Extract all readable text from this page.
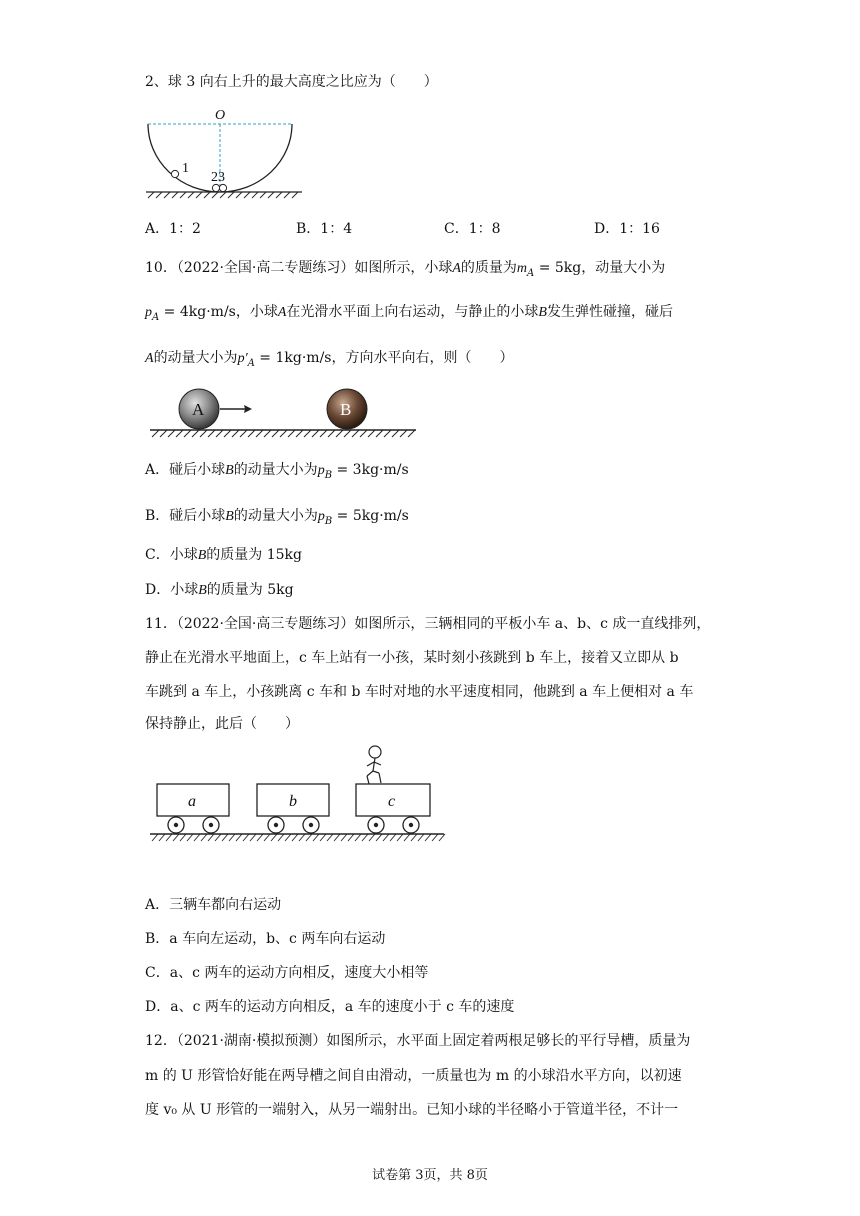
2、球 3 向右上升的最大高度之比应为（　　）
O
1
23
A．1：2	B．1：4	C．1：8	D．1：16
10．（2022·全国·高二专题练习）如图所示，小球A的质量为$m_A = 5kg$，动量大小为
$p_A = 4kg\cdot m/s$，小球A在光滑水平面上向右运动，与静止的小球B发生弹性碰撞，碰后
A的动量大小为$p'_A = 1kg\cdot m/s$，方向水平向右，则（　　）
A	B
A．碰后小球B的动量大小为$p_B = 3kg\cdot m/s$
B．碰后小球B的动量大小为$p_B = 5kg\cdot m/s$
C．小球B的质量为 15kg
D．小球B的质量为 5kg
11．（2022·全国·高三专题练习）如图所示，三辆相同的平板小车 a、b、c 成一直线排列，
静止在光滑水平地面上，c 车上站有一小孩，某时刻小孩跳到 b 车上，接着又立即从 b
车跳到 a 车上，小孩跳离 c 车和 b 车时对地的水平速度相同，他跳到 a 车上便相对 a 车
保持静止，此后（　　）
a	b	c
A．三辆车都向右运动
B．a 车向左运动，b、c 两车向右运动
C．a、c 两车的运动方向相反，速度大小相等
D．a、c 两车的运动方向相反，a 车的速度小于 c 车的速度
12．（2021·湖南·模拟预测）如图所示，水平面上固定着两根足够长的平行导槽，质量为
m 的 U 形管恰好能在两导槽之间自由滑动，一质量也为 m 的小球沿水平方向，以初速
度 v₀ 从 U 形管的一端射入，从另一端射出。已知小球的半径略小于管道半径，不计一
试卷第 3页，共 8页
